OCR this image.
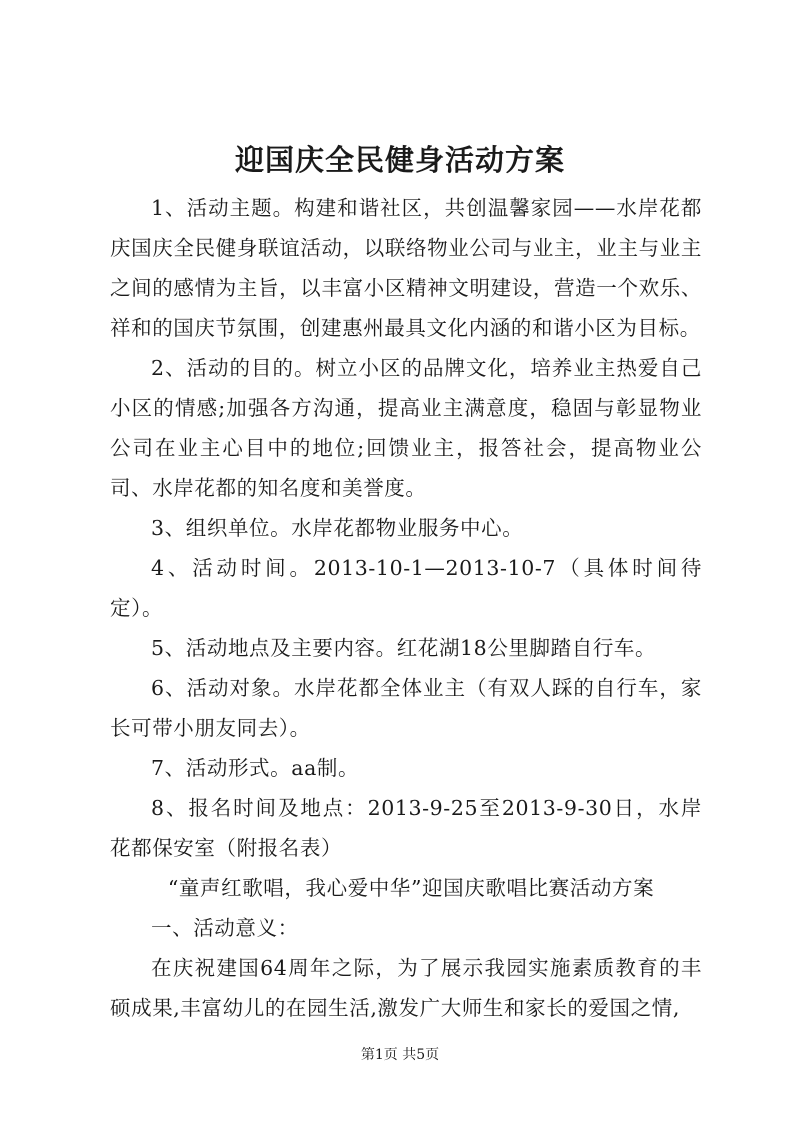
迎国庆全民健身活动方案

1、活动主题。构建和谐社区，共创温馨家园——水岸花都庆国庆全民健身联谊活动，以联络物业公司与业主，业主与业主之间的感情为主旨，以丰富小区精神文明建设，营造一个欢乐、祥和的国庆节氛围，创建惠州最具文化内涵的和谐小区为目标。

2、活动的目的。树立小区的品牌文化，培养业主热爱自己小区的情感;加强各方沟通，提高业主满意度，稳固与彰显物业公司在业主心目中的地位;回馈业主，报答社会，提高物业公司、水岸花都的知名度和美誉度。

3、组织单位。水岸花都物业服务中心。

4、活动时间。2013-10-1—2013-10-7（具体时间待定）。

5、活动地点及主要内容。红花湖18公里脚踏自行车。

6、活动对象。水岸花都全体业主（有双人踩的自行车，家长可带小朋友同去）。

7、活动形式。aa制。

8、报名时间及地点：2013-9-25至2013-9-30日，水岸花都保安室（附报名表）

“童声红歌唱，我心爱中华”迎国庆歌唱比赛活动方案

一、活动意义：

在庆祝建国64周年之际，为了展示我园实施素质教育的丰硕成果,丰富幼儿的在园生活,激发广大师生和家长的爱国之情,

第1页 共5页
